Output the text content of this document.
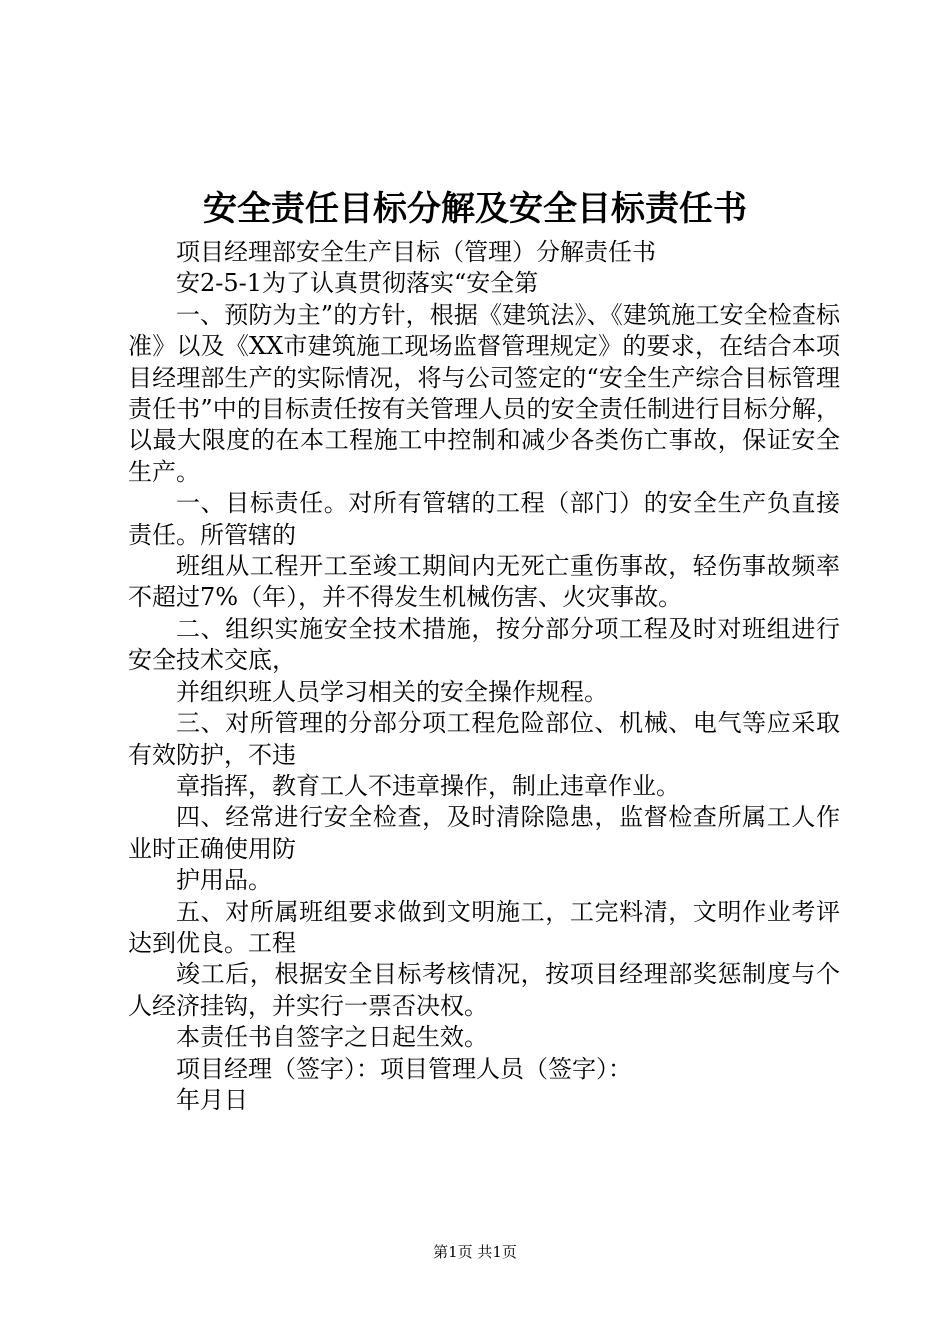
安全责任目标分解及安全目标责任书

项目经理部安全生产目标（管理）分解责任书

安2-5-1为了认真贯彻落实“安全第

一、预防为主”的方针，根据《建筑法》、《建筑施工安全检查标准》以及《XX市建筑施工现场监督管理规定》的要求，在结合本项目经理部生产的实际情况，将与公司签定的“安全生产综合目标管理责任书”中的目标责任按有关管理人员的安全责任制进行目标分解，以最大限度的在本工程施工中控制和减少各类伤亡事故，保证安全生产。

一、目标责任。对所有管辖的工程（部门）的安全生产负直接责任。所管辖的

班组从工程开工至竣工期间内无死亡重伤事故，轻伤事故频率不超过7%（年），并不得发生机械伤害、火灾事故。

二、组织实施安全技术措施，按分部分项工程及时对班组进行安全技术交底，

并组织班人员学习相关的安全操作规程。

三、对所管理的分部分项工程危险部位、机械、电气等应采取有效防护，不违

章指挥，教育工人不违章操作，制止违章作业。

四、经常进行安全检查，及时清除隐患，监督检查所属工人作业时正确使用防

护用品。

五、对所属班组要求做到文明施工，工完料清，文明作业考评达到优良。工程

竣工后，根据安全目标考核情况，按项目经理部奖惩制度与个人经济挂钩，并实行一票否决权。

本责任书自签字之日起生效。

项目经理（签字）：项目管理人员（签字）：

年月日

第1页 共1页
